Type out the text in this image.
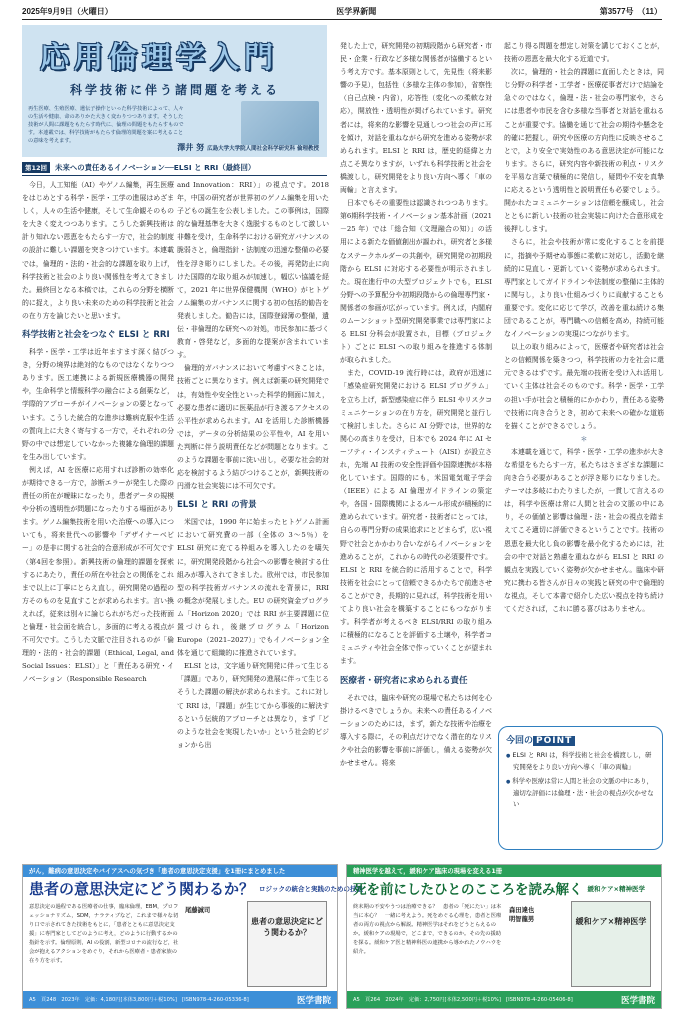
2025年9月9日（火曜日）	医学界新聞	第3577号　（11）
応用倫理学入門
科学技術に伴う諸問題を考える
再生医療、生殖医療、遺伝子操作といった科学技術によって、人々の生活や健康、命のありかた大きく変わりつつあります。そうした技術が人間に課題をもたらす時代に、倫理の問題をもたらすものです。本連載では、科学技術がもたらす倫理的問題を案に考えることの意味を考えます。
澤井 努 広島大学大学院人間社会科学研究科 倫理教授
第12回	未来への責任あるイノベーション──ELSI と RRI（最終回）

今日，人工知能（AI）やゲノム編集，再生医療をはじめとする科学・医学・工学の進展はめざましく，人々の生活や健康，そして生命観そのものを大きく変えつつあります。こうした新興技術は計り知れない恩恵をもたらす一方で，社会的制度の設計に難しい課題を突きつけています。本連載では，倫理的・法的・社会的な課題を取り上げ，科学技術と社会のより良い関係性を考えてきました。最終回となる本稿では，これらの分野を横断的に捉え，より良い未来のための科学技術と社会の在り方を論じたいと思います。

科学技術と社会をつなぐ ELSI と RRI

科学・医学・工学は近年ますます深く結びつき，分野の境界は絶対的なものではなくなりつつあります。医工連携による新規医療機器の開発や，生命科学と情報科学の融合による創薬など，学際的アプローチがイノベーションの要となっています。こうした統合的な進歩は難病克服や生活の質向上に大きく寄与する一方で，それぞれの分野の中では想定していなかった複雑な倫理的課題を生み出しています。

例えば，AI を医療に応用すれば診断の効率化が期待できる一方で，診断エラーが発生した際の責任の所在が曖昧になったり，患者データの規模や分析の透明性が問題になったりする場面があります。ゲノム編集技術を用いた治療への導入についても，将来世代への影響や「デザイナーベビー」の是非に関する社会的合意形成が不可欠です（第4回を参照）。新興技術の倫理的課題を探索するにあたり，責任の所在や社会との関係をこれまで以上に丁寧にとらえ直し，研究開発の過程の方そのものを見直すことが求められます。言い換えれば，従来は別々に論じられがちだった技術面と倫理・社会面を統合し，多面的に考える視点が不可欠です。こうした文脈で注目されるのが「倫理的・法的・社会的課題（Ethical, Legal, and Social Issues：ELSI）」と「責任ある研究・イノベーション（Responsible Research

and Innovation：RRI）」の視点です。2018 年，中国の研究者が世界初のゲノム編集を用いた子どもの誕生を公表しました。この事例は，国際的な倫理基準を大きく逸脱するものとして激しい非難を受け，生命科学における研究ガバナンスの脆弱さと，倫理指針・法制度の迅速な整備の必要性を浮き彫りにしました。その後，再発防止に向けた国際的な取り組みが加速し，幅広い協議を経て，2021 年に世界保健機関（WHO）がヒトゲノム編集のガバナンスに関する初の包括的勧告を発表しました。勧告には，国際登録簿の整備，遺伝・非倫理的な研究への対処，市民参加に基づく教育・啓発など，多面的な提案が含まれています。

倫理的ガバナンスにおいて考慮すべきことは，技術ごとに異なります。例えば新薬の研究開発では，有効性や安全性といった科学的側面に加え，必要な患者に適切に医薬品が行き渡るアクセスの公平性が求められます。AI を活用した診断機器では，データの分析結果の公平性や，AI を用いた判断に伴う説明責任などが問題となります。このような課題を事前に洗い出し，必要な社会的対応を検討するよう結びつけることが，新興技術の円滑な社会実装には不可欠です。

ELSI と RRI の背景

米国では，1990 年に始まったヒトゲノム計画において研究費の一部（全体の 3～5％）を ELSI 研究に充てる枠組みを導入したのを嚆矢に，研究開発段階から社会への影響を検討する仕組みが導入されてきました。欧州では，市民参加型の科学技術ガバナンスの流れを背景に，RRI の概念が発展しました。EU の研究資金プログラム「Horizon 2020」では RRI が主要課題に位置づけられ，後継プログラム「Horizon Europe（2021–2027）」でもイノベーション全体を通じて組織的に推進されています。

ELSI とは，文字通り研究開発に伴って生じる「課題」であり，研究開発の進展に伴って生じるそうした課題の解決が求められます。これに対して RRI は，「課題」が生じてから事後的に解決するという伝統的アプローチとは異なり，まず「どのような社会を実現したいか」という社会的ビジョンから出

発した上で，研究開発の初期段階から研究者・市民・企業・行政など多様な関係者が協働するという考え方です。基本原則として，先見性（将来影響の予見），包括性（多様な主体の参加），省察性（自己点検・内省），応答性（変化への柔軟な対応），開放性・透明性が掲げられています。研究者には，将来的な影響を見通しつつ社会の声に耳を傾け，対話を重ねながら研究を進める姿勢が求められます。ELSI と RRI は，歴史的経緯と力点こそ異なりますが，いずれも科学技術と社会を橋渡しし，研究開発をより良い方向へ導く「車の両輪」と言えます。

日本でもその重要性は認識されつつあります。第6期科学技術・イノベーション基本計画（2021－25 年）では「総合知（文理融合の知）」の活用による新たな価値創出が謳われ，研究者と多様なステークホルダーの共創や，研究開発の初期段階から ELSI に対応する必要性が明示されました。現在進行中の大型プロジェクトでも，ELSI 分野への予算配分や初期段階からの倫理専門家・関係者の参画が広がっています。例えば，内閣府のムーンショット型研究開発事業では専門家による ELSI 分科会が設置され，目標（プロジェクト）ごとに ELSI への取り組みを推進する体制が取られました。

また，COVID-19 流行時には，政府が迅速に「感染症研究開発における ELSI プログラム」を立ち上げ，新型感染症に伴う ELSI やリスクコミュニケーションの在り方を，研究開発と並行して検討しました。さらに AI 分野では，世界的な関心の高まりを受け，日本でも 2024 年に AI セーフティ・インスティテュート（AISI）が設立され，先端 AI 技術の安全性評価や国際連携が本格化しています。国際的にも，米国電気電子学会（IEEE）による AI 倫理ガイドラインの策定や，各国・国際機関によるルール形成が積極的に進められています。研究者・技術者にとっては，自らの専門分野の成果追求にとどまらず，広い視野で社会とかかわり合いながらイノベーションを進めることが，これからの時代の必須要件です。ELSI と RRI を統合的に活用することで，科学技術を社会にとって信頼できるかたちで前進させることができ，長期的に見れば，科学技術を用いてより良い社会を構築することにもつながります。科学者が考えるべき ELSI/RRI の取り組みに積極的になることを評価する土壌や，科学者コミュニティや社会全体で作っていくことが望まれます。

医療者・研究者に求められる責任

それでは，臨床や研究の現場で私たちは何を心掛けるべきでしょうか。未来への責任あるイノベーションのためには，まず，新たな技術や治療を導入する際に，その利点だけでなく潜在的なリスクや社会的影響を事前に評価し，備える姿勢が欠かせません。将来

起こり得る問題を想定し対策を講じておくことが，技術の恩恵を最大化する近道です。

次に，倫理的・社会的課題に直面したときは，同じ分野の科学者・工学者・医療従事者だけで結論を急ぐのではなく，倫理・法・社会の専門家や，さらには患者や市民を含む多様な当事者と対話を重ねることが重要です。協働を通じて社会の期待や懸念を的確に把握し，研究や医療の方向性に反映させることで，より安全で実効性のある意思決定が可能になります。さらに，研究内容や新技術の利点・リスクを平易な言葉で積極的に発信し，疑問や不安を真摯に応えるという透明性と説明責任も必要でしょう。開かれたコミュニケーションは信頼を醸成し，社会とともに新しい技術の社会実装に向けた合意形成を後押しします。

さらに，社会や技術が常に変化することを前提に，指摘や予期せぬ事態に柔軟に対応し，活動を継続的に見直し・更新していく姿勢が求められます。専門家としてガイドラインや法制度の整備に主体的に関与し，より良い仕組みづくりに貢献することも重要です。変化に応じて学び，改善を重ね続ける集団であることが，専門職への信頼を高め，持続可能なイノベーションの実現につながります。

以上の取り組みによって，医療者や研究者は社会との信頼関係を築きつつ，科学技術の力を社会に還元できるはずです。最先端の技術を受け入れ活用していく主体は社会そのものです。科学・医学・工学の担い手が社会と積極的にかかわり，責任ある姿勢で技術に向き合うとき，初めて未来への確かな道筋を描くことができるでしょう。

＊

本連載を通じて，科学・医学・工学の進歩が大きな希望をもたらす一方，私たちはさまざまな課題に向き合う必要があることが浮き彫りになりました。テーマは多岐にわたりましたが，一貫して言えるのは，科学や医療は常に人間と社会の文脈の中にあり，その価値と影響は倫理・法・社会の視点を踏まえてこそ適切に評価できるということです。技術の恩恵を最大化し負の影響を最小化するためには，社会の中で対話と熟慮を重ねながら ELSI と RRI の観点を実践していく姿勢が欠かせません。臨床や研究に携わる皆さんが日々の実践と研究の中で倫理的な視点，そして本書で紹介した広い視点を持ち続けてくだされば，これに勝る喜びはありません。

今回の POINT
● ELSI と RRI は，科学技術と社会を橋渡しし，研究開発をより良い方向へ導く「車の両輪」
● 科学や医療は常に人間と社会の文脈の中にあり，適切な評価には倫理・法・社会の視点が欠かせない
がん，難病の意思決定やバイアスへの気づき「患者の意思決定支援」を1冊にまとめました
患者の意思決定にどう関わるか？ ロジックの統合と実践のための技法
意思決定の過程である医療者の仕事，臨床倫理，EBM，プロフェッショナリズム，SDM，ナラティブなど，これまで様々な切り口で示されてきた技術をもとに，「患者とともに意思決定支援」に専門家としてどのように考え，どのように行動するかの指針を示す。倫理原則，AI の役割，新型コロナの流行など，社会が抱えるアクションをめぐり，それから医療者・患者家族の在り方を示す。
尾藤誠司
患者の意思決定にどう関わるか？
A5　頁248　2023年　定価：4,180円[本体3,800円＋税10%]　[ISBN978-4-260-05336-8]	医学書院
精神医学を越えて，緩和ケア臨床の現場を変える1冊
死を前にしたひとのこころを読み解く 緩和ケア×精神医学
終末期の不安やうつは治療できる？　患者の「死にたい」は本当に本心？　一緒に考えよう。死をめぐる心理を，患者と医療者の両方の視点から解説。精神医学はそれをどうとらえるのか。緩和ケアの現場で，どこまで，できるのか。その先の援助を探る。緩和ケア医と精神科医の連携から導かれたノウハウを紹介。
森田達也
明智龍男	緩和ケア×精神医学
A5　頁264　2024年　定価：2,750円[本体2,500円＋税10%]　[ISBN978-4-260-05406-8]	医学書院
